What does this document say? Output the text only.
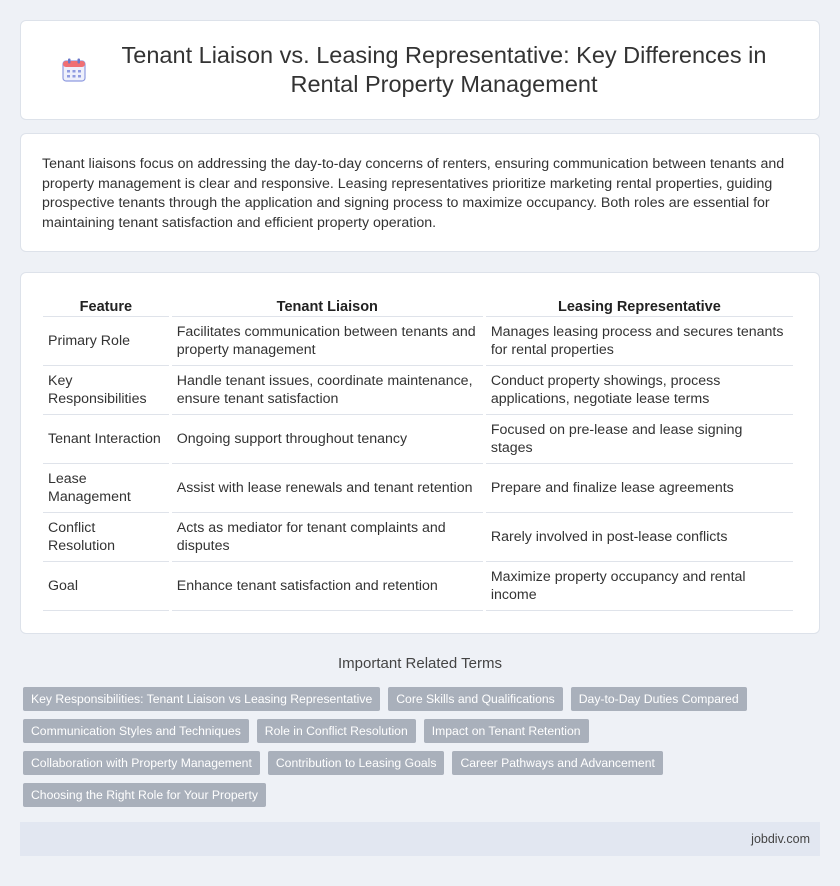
Tenant Liaison vs. Leasing Representative: Key Differences in Rental Property Management

Tenant liaisons focus on addressing the day-to-day concerns of renters, ensuring communication between tenants and property management is clear and responsive. Leasing representatives prioritize marketing rental properties, guiding prospective tenants through the application and signing process to maximize occupancy. Both roles are essential for maintaining tenant satisfaction and efficient property operation.

Feature	Tenant Liaison	Leasing Representative
Primary Role	Facilitates communication between tenants and property management	Manages leasing process and secures tenants for rental properties
Key Responsibilities	Handle tenant issues, coordinate maintenance, ensure tenant satisfaction	Conduct property showings, process applications, negotiate lease terms
Tenant Interaction	Ongoing support throughout tenancy	Focused on pre-lease and lease signing stages
Lease Management	Assist with lease renewals and tenant retention	Prepare and finalize lease agreements
Conflict Resolution	Acts as mediator for tenant complaints and disputes	Rarely involved in post-lease conflicts
Goal	Enhance tenant satisfaction and retention	Maximize property occupancy and rental income
Important Related Terms
Key Responsibilities: Tenant Liaison vs Leasing Representative	Core Skills and Qualifications	Day-to-Day Duties Compared
Communication Styles and Techniques	Role in Conflict Resolution	Impact on Tenant Retention
Collaboration with Property Management	Contribution to Leasing Goals	Career Pathways and Advancement
Choosing the Right Role for Your Property
jobdiv.com
